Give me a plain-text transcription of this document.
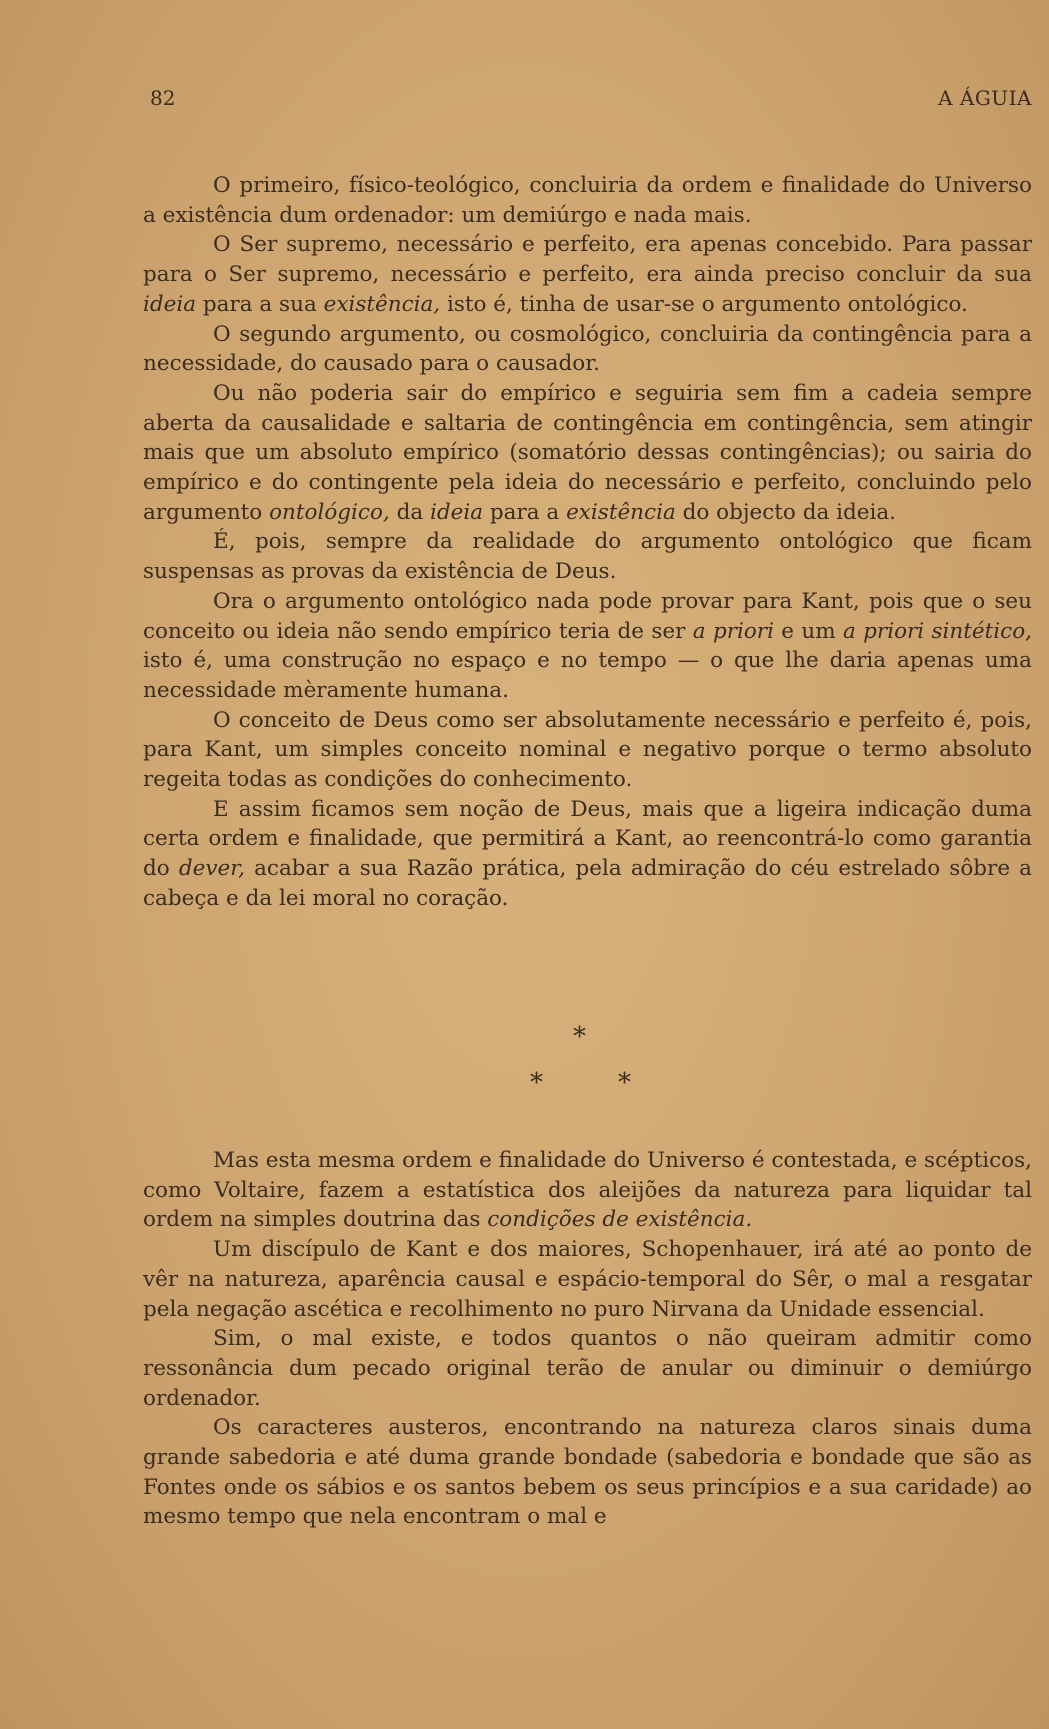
82	A ÁGUIA

O primeiro, físico-teológico, concluiria da ordem e finalidade do Universo a existência dum ordenador: um demiúrgo e nada mais.

O Ser supremo, necessário e perfeito, era apenas concebido. Para passar para o Ser supremo, necessário e perfeito, era ainda preciso concluir da sua ideia para a sua existência, isto é, tinha de usar-se o argumento ontológico.

O segundo argumento, ou cosmológico, concluiria da contingência para a necessidade, do causado para o causador.

Ou não poderia sair do empírico e seguiria sem fim a cadeia sempre aberta da causalidade e saltaria de contingência em contingência, sem atingir mais que um absoluto empírico (somatório dessas contingências); ou sairia do empírico e do contingente pela ideia do necessário e perfeito, concluindo pelo argumento ontológico, da ideia para a existência do objecto da ideia.

É, pois, sempre da realidade do argumento ontológico que ficam suspensas as provas da existência de Deus.

Ora o argumento ontológico nada pode provar para Kant, pois que o seu conceito ou ideia não sendo empírico teria de ser a priori e um a priori sintético, isto é, uma construção no espaço e no tempo — o que lhe daria apenas uma necessidade mèramente humana.

O conceito de Deus como ser absolutamente necessário e perfeito é, pois, para Kant, um simples conceito nominal e negativo porque o termo absoluto regeita todas as condições do conhecimento.

E assim ficamos sem noção de Deus, mais que a ligeira indicação duma certa ordem e finalidade, que permitirá a Kant, ao reencontrá-lo como garantia do dever, acabar a sua Razão prática, pela admiração do céu estrelado sôbre a cabeça e da lei moral no coração.

*
*	*

Mas esta mesma ordem e finalidade do Universo é contestada, e scépticos, como Voltaire, fazem a estatística dos aleijões da natureza para liquidar tal ordem na simples doutrina das condições de existência.

Um discípulo de Kant e dos maiores, Schopenhauer, irá até ao ponto de vêr na natureza, aparência causal e espácio-temporal do Sêr, o mal a resgatar pela negação ascética e recolhimento no puro Nirvana da Unidade essencial.

Sim, o mal existe, e todos quantos o não queiram admitir como ressonância dum pecado original terão de anular ou diminuir o demiúrgo ordenador.

Os caracteres austeros, encontrando na natureza claros sinais duma grande sabedoria e até duma grande bondade (sabedoria e bondade que são as Fontes onde os sábios e os santos bebem os seus princípios e a sua caridade) ao mesmo tempo que nela encontram o mal e
